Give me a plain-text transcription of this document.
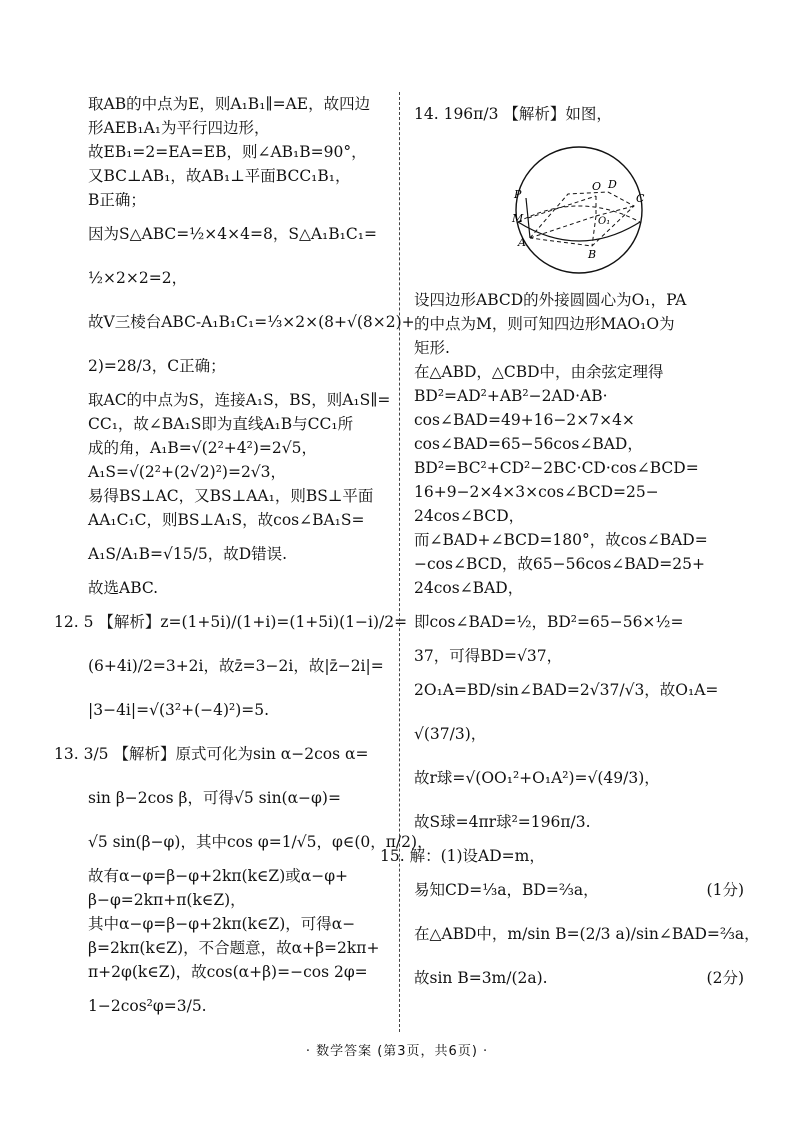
取AB的中点为E，则A₁B₁∥=AE，故四边
形AEB₁A₁为平行四边形，
故EB₁=2=EA=EB，则∠AB₁B=90°，
又BC⊥AB₁，故AB₁⊥平面BCC₁B₁，
B正确；
因为S△ABC=½×4×4=8，S△A₁B₁C₁=
½×2×2=2，
故V三棱台ABC-A₁B₁C₁=⅓×2×(8+√(8×2)+
2)=28/3，C正确；
取AC的中点为S，连接A₁S，BS，则A₁S∥=
CC₁，故∠BA₁S即为直线A₁B与CC₁所
成的角，A₁B=√(2²+4²)=2√5，
A₁S=√(2²+(2√2)²)=2√3，
易得BS⊥AC，又BS⊥AA₁，则BS⊥平面
AA₁C₁C，则BS⊥A₁S，故cos∠BA₁S=
A₁S/A₁B=√15/5，故D错误.
故选ABC.
12. 5 【解析】z=(1+5i)/(1+i)=(1+5i)(1−i)/2=
(6+4i)/2=3+2i，故z̄=3−2i，故|z̄−2i|=
|3−4i|=√(3²+(−4)²)=5.
13. 3/5 【解析】原式可化为sin α−2cos α=
sin β−2cos β，可得√5 sin(α−φ)=
√5 sin(β−φ)，其中cos φ=1/√5，φ∈(0，π/2)，
故有α−φ=β−φ+2kπ(k∈Z)或α−φ+
β−φ=2kπ+π(k∈Z)，
其中α−φ=β−φ+2kπ(k∈Z)，可得α−
β=2kπ(k∈Z)，不合题意，故α+β=2kπ+
π+2φ(k∈Z)，故cos(α+β)=−cos 2φ=
1−2cos²φ=3/5.
14. 196π/3 【解析】如图，
P
M
A
O
O₁
D
C
B
设四边形ABCD的外接圆圆心为O₁，PA
的中点为M，则可知四边形MAO₁O为
矩形.
在△ABD，△CBD中，由余弦定理得
BD²=AD²+AB²−2AD·AB·
cos∠BAD=49+16−2×7×4×
cos∠BAD=65−56cos∠BAD，
BD²=BC²+CD²−2BC·CD·cos∠BCD=
16+9−2×4×3×cos∠BCD=25−
24cos∠BCD，
而∠BAD+∠BCD=180°，故cos∠BAD=
−cos∠BCD，故65−56cos∠BAD=25+
24cos∠BAD，
即cos∠BAD=½，BD²=65−56×½=
37，可得BD=√37，
2O₁A=BD/sin∠BAD=2√37/√3，故O₁A=
√(37/3)，
故r球=√(OO₁²+O₁A²)=√(49/3)，
故S球=4πr球²=196π/3.
15. 解：(1)设AD=m，
易知CD=⅓a，BD=⅔a，	(1分)
在△ABD中，m/sin B=(2/3 a)/sin∠BAD=⅔a，
故sin B=3m/(2a).	(2分)
· 数学答案 (第3页，共6页) ·
